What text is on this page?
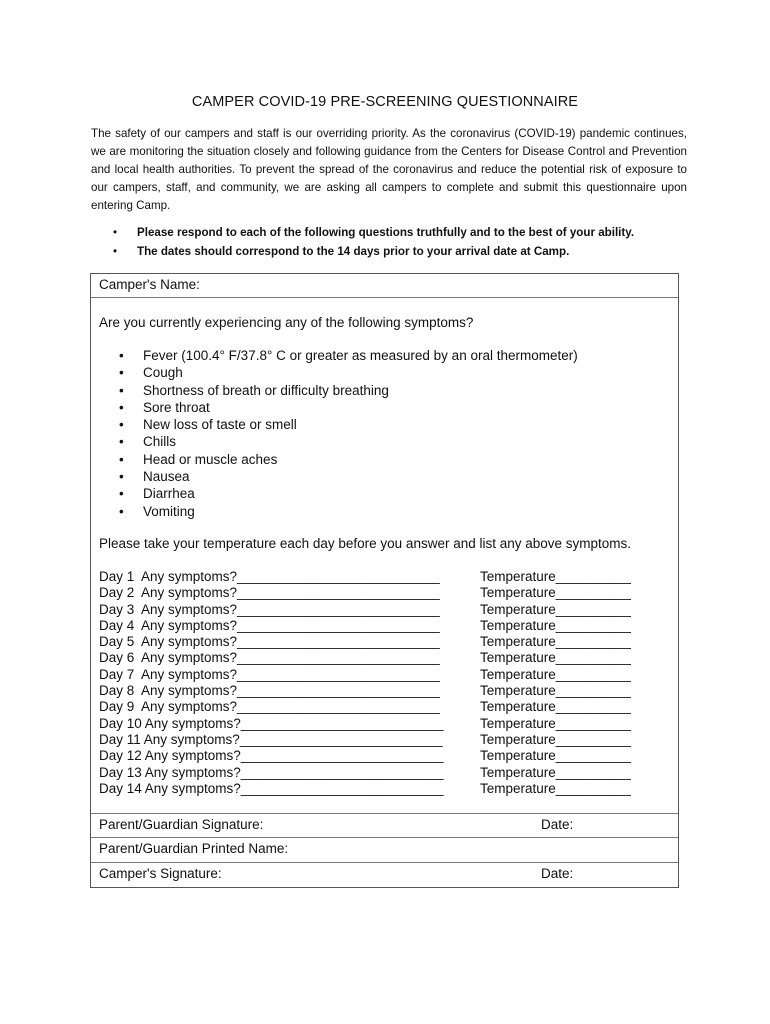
CAMPER COVID-19 PRE-SCREENING QUESTIONNAIRE

The safety of our campers and staff is our overriding priority. As the coronavirus (COVID-19) pandemic continues, we are monitoring the situation closely and following guidance from the Centers for Disease Control and Prevention and local health authorities. To prevent the spread of the coronavirus and reduce the potential risk of exposure to our campers, staff, and community, we are asking all campers to complete and submit this questionnaire upon entering Camp.

• Please respond to each of the following questions truthfully and to the best of your ability.
• The dates should correspond to the 14 days prior to your arrival date at Camp.
Camper's Name:
Are you currently experiencing any of the following symptoms?
• Fever (100.4° F/37.8° C or greater as measured by an oral thermometer)
• Cough
• Shortness of breath or difficulty breathing
• Sore throat
• New loss of taste or smell
• Chills
• Head or muscle aches
• Nausea
• Diarrhea
• Vomiting
Please take your temperature each day before you answer and list any above symptoms.
Day 1  Any symptoms?___________________________	Temperature__________
Day 2  Any symptoms?___________________________	Temperature__________
Day 3  Any symptoms?___________________________	Temperature__________
Day 4  Any symptoms?___________________________	Temperature__________
Day 5  Any symptoms?___________________________	Temperature__________
Day 6  Any symptoms?___________________________	Temperature__________
Day 7  Any symptoms?___________________________	Temperature__________
Day 8  Any symptoms?___________________________	Temperature__________
Day 9  Any symptoms?___________________________	Temperature__________
Day 10 Any symptoms?___________________________	Temperature__________
Day 11 Any symptoms?___________________________	Temperature__________
Day 12 Any symptoms?___________________________	Temperature__________
Day 13 Any symptoms?___________________________	Temperature__________
Day 14 Any symptoms?___________________________	Temperature__________
Parent/Guardian Signature:	Date:
Parent/Guardian Printed Name:
Camper's Signature:	Date:
